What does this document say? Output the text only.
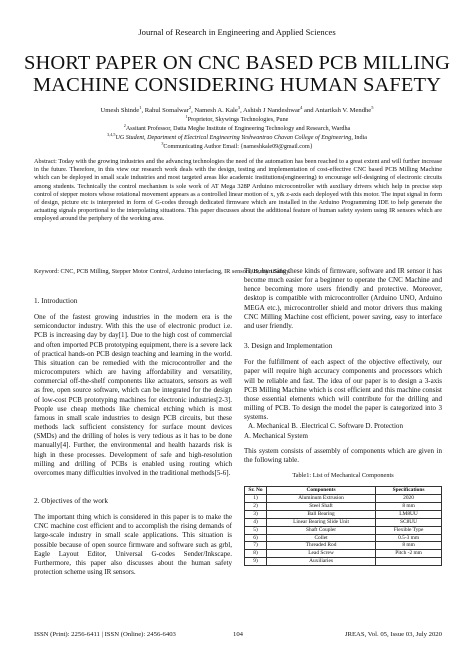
Journal of Research in Engineering and Applied Sciences
SHORT PAPER ON CNC BASED PCB MILLING
MACHINE CONSIDERING HUMAN SAFETY
Umesh Shinde$^1$, Rahul Somalwar$^2$, Namesh A. Kale$^3$, Ashish J Nandeshwar$^4$ and Antariksh V. Mendhe$^5$
$^1$Proprietor, Skywings Technologies, Pune
$^2$Assitant Professor, Datta Meghe Institute of Engineering Technology and Research, Wardha
$^{3,4,5}$UG Student, Department of Electrical Engineering Yeshwantrao Chavan College of Engineering, India
$^3$Communicating Author Email: {nameshkale09@gmail.com}
Abstract: Today with the growing industries and the advancing technologies the need of the automation has been reached to a great extent and will further increase in the future. Therefore, in this view our research work deals with the design, testing and implementation of cost-effective CNC based PCB Milling Machine which can be deployed in small scale industries and most targeted areas like academic institutions(engineering) to encourage self-designing of electronic circuits among students. Technically the control mechanism is sole work of AT Mega 328P Arduino microcontroller with auxiliary drivers which help in precise step control of stepper motors whose rotational movement appears as a controlled linear motion of x, y& z-axis each deployed with this motor. The input signal in form of design, picture etc is interpreted in form of G-codes through dedicated firmware which are installed in the Arduino Programming IDE to help generate the actuating signals proportional to the interpolating situations. This paper discusses about the additional feature of human safety system using IR sensors which are employed around the periphery of the working area.
Keyword: CNC, PCB Milling, Stepper Motor Control, Arduino interfacing, IR sensors, Human Safety.
1. Introduction
One of the fastest growing industries in the modern era is the semiconductor industry. With this the use of electronic product i.e. PCB is increasing day by day[1]. Due to the high cost of commercial and often imported PCB prototyping equipment, there is a severe lack of practical hands-on PCB design teaching and learning in the world. This situation can be remedied with the microcontroller and the microcomputers which are having affordability and versatility, commercial off-the-shelf components like actuators, sensors as well as free, open source software, which can be integrated for the design of low-cost PCB prototyping machines for electronic industries[2-3]. People use cheap methods like chemical etching which is most famous in small scale industries to design PCB circuits, but these methods lack sufficient consistency for surface mount devices (SMDs) and the drilling of holes is very tedious as it has to be done manually[4]. Further, the environmental and health hazards risk is high in these processes. Development of safe and high-resolution milling and drilling of PCBs is enabled using routing which overcomes many difficulties involved in the traditional methods[5-6].
2. Objectives of the work
The important thing which is considered in this paper is to make the CNC machine cost efficient and to accomplish the rising demands of large-scale industry in small scale applications. This situation is possible because of open source firmware and software such as grbl, Eagle Layout Editor, Universal G-codes Sender/Inkscape. Furthermore, this paper also discusses about the human safety protection scheme using IR sensors.
Thus, by using these kinds of firmware, software and IR sensor it has become much easier for a beginner to operate the CNC Machine and hence becoming more users friendly and protective. Moreover, desktop is compatible with microcontroller (Arduino UNO, Arduino MEGA etc.), microcontroller shield and motor drivers thus making CNC Milling Machine cost efficient, power saving, easy to interface and user friendly.
3. Design and Implementation
For the fulfillment of each aspect of the objective effectively, our paper will require high accuracy components and processors which will be reliable and fast. The idea of our paper is to design a 3-axis PCB Milling Machine which is cost efficient and this machine consist those essential elements which will contribute for the drilling and milling of PCB. To design the model the paper is categorized into 3 systems.
A. Mechanical B. .Electrical C. Software D. Protection
A. Mechanical System
This system consists of assembly of components which are given in the following table.
Table1: List of Mechanical Components
Sr. No	Components	Specifications
1)	Aluminum Extrusion	2020
2)	Steel Shaft	8 mm
3)	Ball Bearing	LM8UU
4)	Linear Bearing Slide Unit	SC8UU
5)	Shaft Coupler	Flexible Type
6)	Collet	0.5-3 mm
7)	Threaded Rod	8 mm
8)	Lead Screw	Pitch -2 mm
9)	Auxiliaries	
ISSN (Print): 2256-6411 | ISSN (Online): 2456-6403	104	JREAS, Vol. 05, Issue 03, July 2020
